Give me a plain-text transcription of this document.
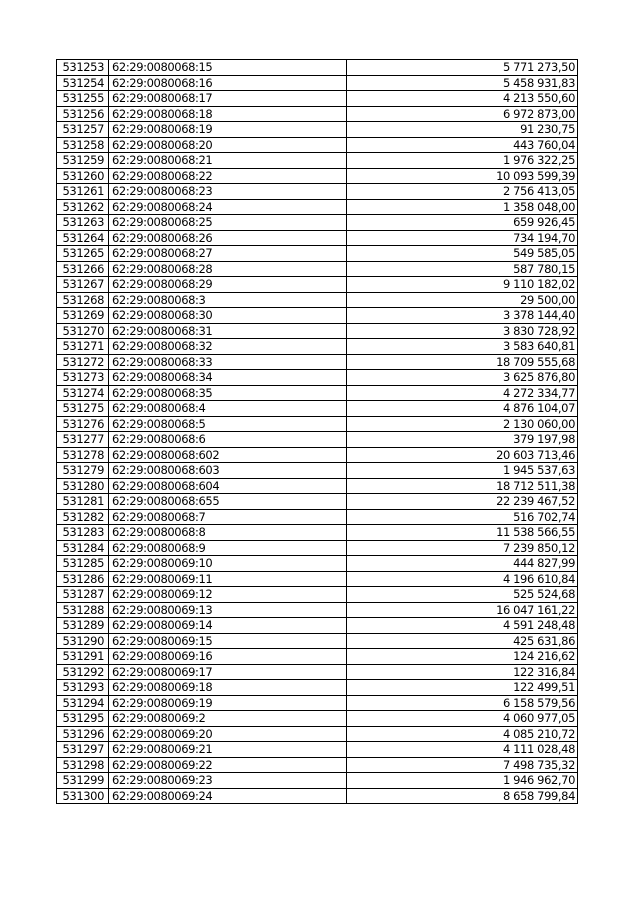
531253	62:29:0080068:15	5 771 273,50
531254	62:29:0080068:16	5 458 931,83
531255	62:29:0080068:17	4 213 550,60
531256	62:29:0080068:18	6 972 873,00
531257	62:29:0080068:19	91 230,75
531258	62:29:0080068:20	443 760,04
531259	62:29:0080068:21	1 976 322,25
531260	62:29:0080068:22	10 093 599,39
531261	62:29:0080068:23	2 756 413,05
531262	62:29:0080068:24	1 358 048,00
531263	62:29:0080068:25	659 926,45
531264	62:29:0080068:26	734 194,70
531265	62:29:0080068:27	549 585,05
531266	62:29:0080068:28	587 780,15
531267	62:29:0080068:29	9 110 182,02
531268	62:29:0080068:3	29 500,00
531269	62:29:0080068:30	3 378 144,40
531270	62:29:0080068:31	3 830 728,92
531271	62:29:0080068:32	3 583 640,81
531272	62:29:0080068:33	18 709 555,68
531273	62:29:0080068:34	3 625 876,80
531274	62:29:0080068:35	4 272 334,77
531275	62:29:0080068:4	4 876 104,07
531276	62:29:0080068:5	2 130 060,00
531277	62:29:0080068:6	379 197,98
531278	62:29:0080068:602	20 603 713,46
531279	62:29:0080068:603	1 945 537,63
531280	62:29:0080068:604	18 712 511,38
531281	62:29:0080068:655	22 239 467,52
531282	62:29:0080068:7	516 702,74
531283	62:29:0080068:8	11 538 566,55
531284	62:29:0080068:9	7 239 850,12
531285	62:29:0080069:10	444 827,99
531286	62:29:0080069:11	4 196 610,84
531287	62:29:0080069:12	525 524,68
531288	62:29:0080069:13	16 047 161,22
531289	62:29:0080069:14	4 591 248,48
531290	62:29:0080069:15	425 631,86
531291	62:29:0080069:16	124 216,62
531292	62:29:0080069:17	122 316,84
531293	62:29:0080069:18	122 499,51
531294	62:29:0080069:19	6 158 579,56
531295	62:29:0080069:2	4 060 977,05
531296	62:29:0080069:20	4 085 210,72
531297	62:29:0080069:21	4 111 028,48
531298	62:29:0080069:22	7 498 735,32
531299	62:29:0080069:23	1 946 962,70
531300	62:29:0080069:24	8 658 799,84
